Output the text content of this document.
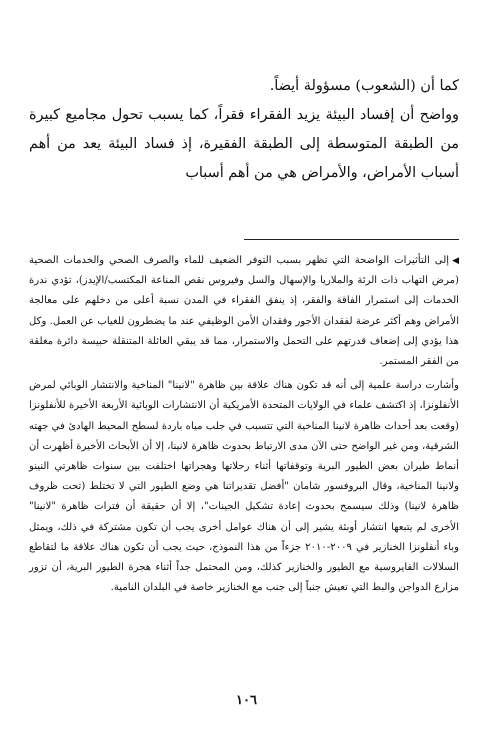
كما أن (الشعوب) مسؤولة أيضاً.

وواضح أن إفساد البيئة يزيد الفقراء فقراً، كما يسبب تحول مجاميع كبيرة من الطبقة المتوسطة إلى الطبقة الفقيرة، إذ فساد البيئة يعد من أهم أسباب الأمراض، والأمراض هي من أهم أسباب

◀إلى التأثيرات الواضحة التي تظهر بسبب التوفر الضعيف للماء والصرف الصحي والخدمات الصحية (مرض التهاب ذات الرئة والملاريا والإسهال والسل وفيروس نقص المناعة المكتسب/الإيدز)، تؤدي ندرة الخدمات إلى استمرار الفاقة والفقر، إذ ينفق الفقراء في المدن نسبة أعلى من دخلهم على معالجة الأمراض وهم أكثر عرضة لفقدان الأجور وفقدان الأمن الوظيفي عند ما يضطرون للغياب عن العمل. وكل هذا يؤدي إلى إضعاف قدرتهم على التحمل والاستمرار، مما قد يبقي العائلة المتنقلة حبيسة دائرة مغلقة من الفقر المستمر.

وأشارت دراسة علمية إلى أنه قد تكون هناك علاقة بين ظاهرة "لانينا" المناخية والانتشار الوبائي لمرض الأنفلونزا، إذ اكتشف علماء في الولايات المتحدة الأمريكية أن الانتشارات الوبائية الأربعة الأخيرة للأنفلونزا (وقعت بعد أحداث ظاهرة لانينا المناخية التي تتسبب في جلب مياه باردة لسطح المحيط الهادئ في جهته الشرقية، ومن غير الواضح حتى الآن مدى الارتباط بحدوث ظاهرة لانينا، إلا أن الأبحاث الأخيرة أظهرت أن أنماط طيران بعض الطيور البرية وتوقفاتها أثناء رحلاتها وهجراتها اختلفت بين سنوات ظاهرتي النينو ولانينا المناخية، وقال البروفسور شامان "أفضل تقديراتنا هي وضع الطيور التي لا تختلط (تحت ظروف ظاهرة لانينا) وذلك سيسمح بحدوث إعادة تشكيل الجينات"، إلا أن حقيقة أن فترات ظاهرة "لانينا" الأخرى لم يتبعها انتشار أوبئة يشير إلى أن هناك عوامل أخرى يجب أن تكون مشتركة في ذلك، ويمثل وباء أنفلونزا الخنازير في ٢٠٠٩-٢٠١٠ جزءاً من هذا النموذج، حيث يجب أن تكون هناك علاقة ما لتقاطع السلالات الفايروسية مع الطيور والخنازير كذلك، ومن المحتمل جداً أثناء هجرة الطيور البرية، أن تزور مزارع الدواجن والبط التي تعيش جنباً إلى جنب مع الخنازير خاصة في البلدان النامية.

١٠٦
